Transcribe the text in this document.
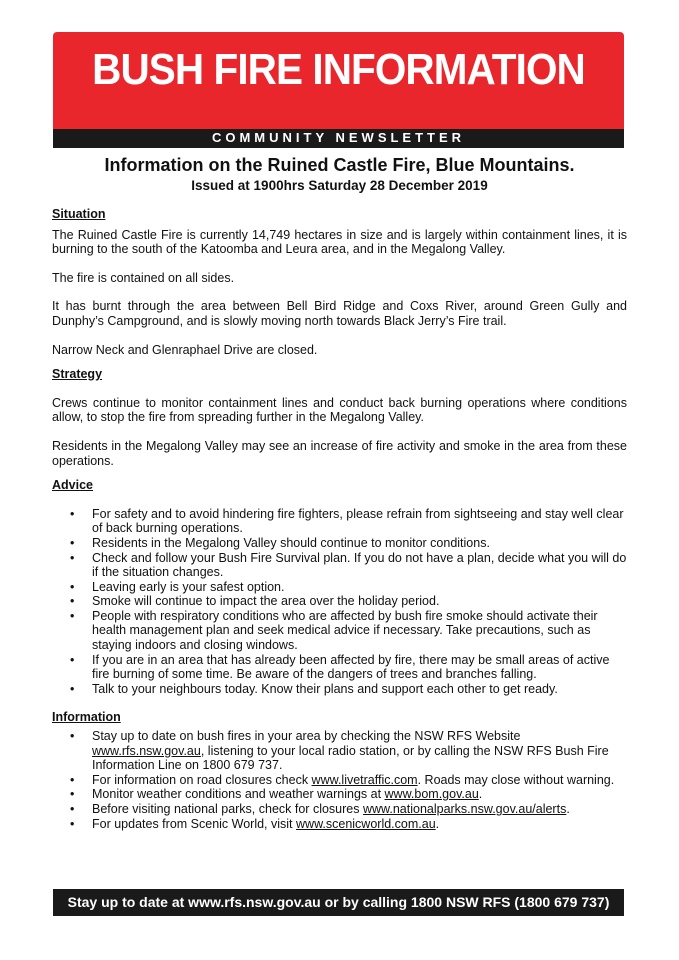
BUSH FIRE INFORMATION
COMMUNITY NEWSLETTER
Information on the Ruined Castle Fire, Blue Mountains.
Issued at 1900hrs Saturday 28 December 2019
Situation

The Ruined Castle Fire is currently 14,749 hectares in size and is largely within containment lines, it is burning to the south of the Katoomba and Leura area, and in the Megalong Valley.

The fire is contained on all sides.

It has burnt through the area between Bell Bird Ridge and Coxs River, around Green Gully and Dunphy’s Campground, and is slowly moving north towards Black Jerry’s Fire trail.

Narrow Neck and Glenraphael Drive are closed.

Strategy

Crews continue to monitor containment lines and conduct back burning operations where conditions allow, to stop the fire from spreading further in the Megalong Valley.

Residents in the Megalong Valley may see an increase of fire activity and smoke in the area from these operations.

Advice
• For safety and to avoid hindering fire fighters, please refrain from sightseeing and stay well clear of back burning operations.
• Residents in the Megalong Valley should continue to monitor conditions.
• Check and follow your Bush Fire Survival plan. If you do not have a plan, decide what you will do if the situation changes.
• Leaving early is your safest option.
• Smoke will continue to impact the area over the holiday period.
• People with respiratory conditions who are affected by bush fire smoke should activate their health management plan and seek medical advice if necessary. Take precautions, such as staying indoors and closing windows.
• If you are in an area that has already been affected by fire, there may be small areas of active fire burning of some time. Be aware of the dangers of trees and branches falling.
• Talk to your neighbours today. Know their plans and support each other to get ready.
Information
• Stay up to date on bush fires in your area by checking the NSW RFS Website www.rfs.nsw.gov.au, listening to your local radio station, or by calling the NSW RFS Bush Fire Information Line on 1800 679 737.
• For information on road closures check www.livetraffic.com. Roads may close without warning.
• Monitor weather conditions and weather warnings at www.bom.gov.au.
• Before visiting national parks, check for closures www.nationalparks.nsw.gov.au/alerts.
• For updates from Scenic World, visit www.scenicworld.com.au.
Stay up to date at www.rfs.nsw.gov.au or by calling 1800 NSW RFS (1800 679 737)
